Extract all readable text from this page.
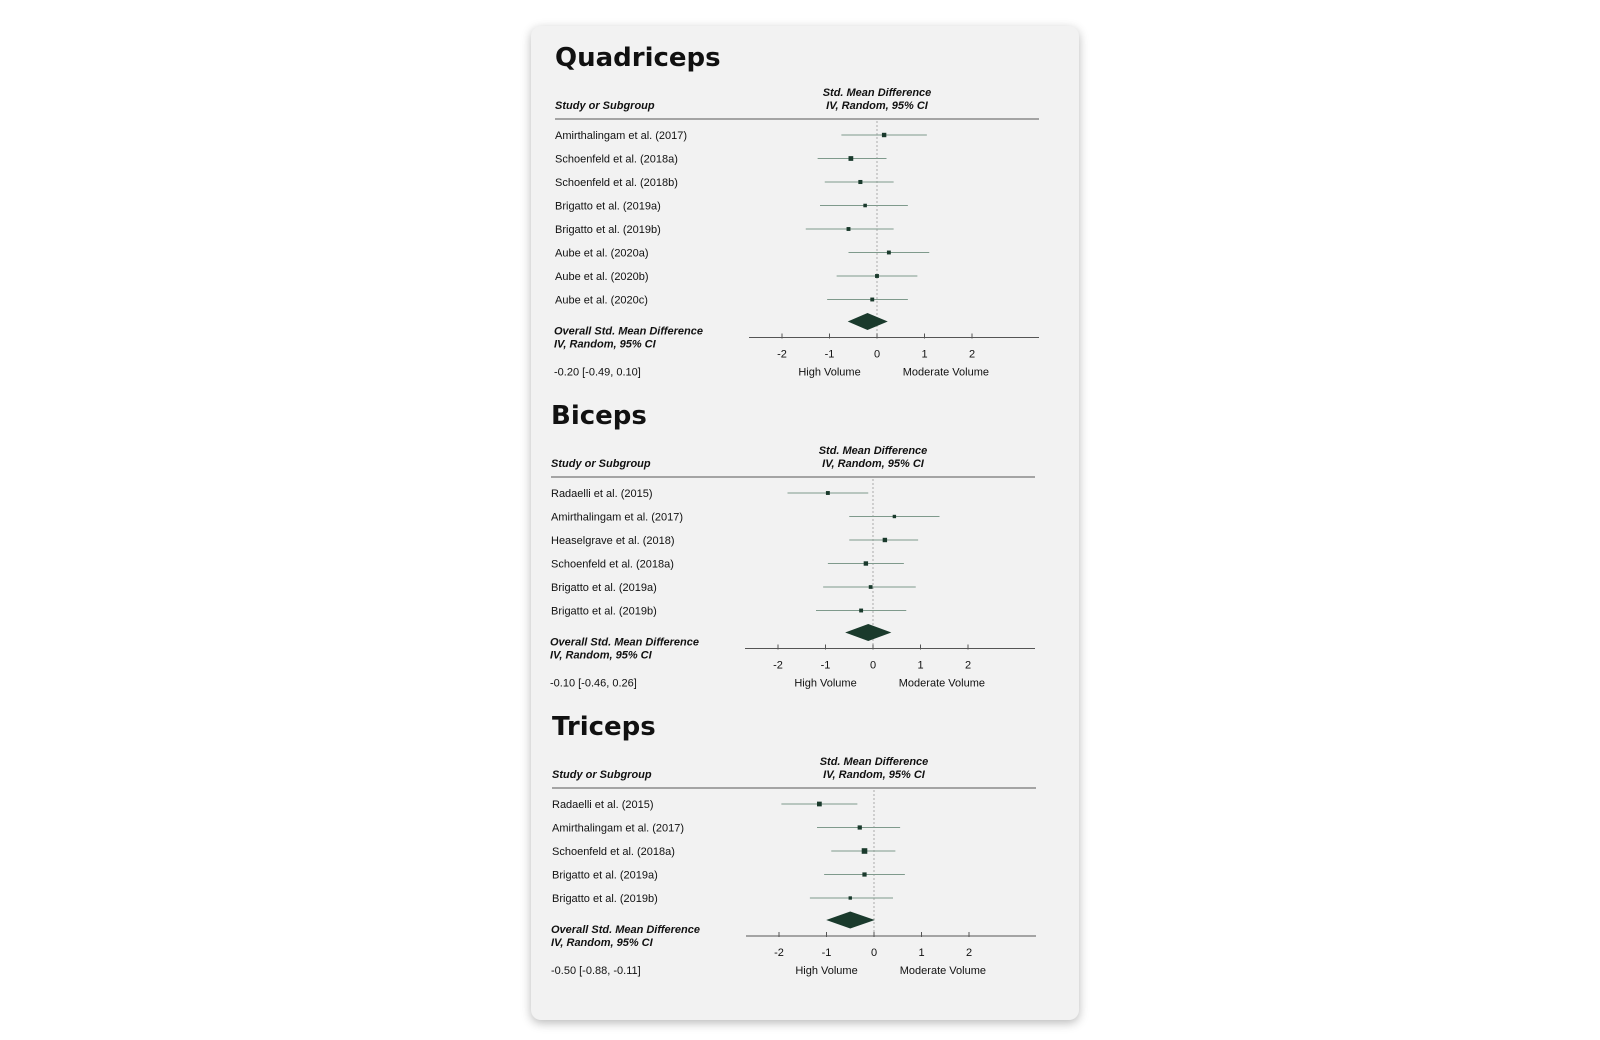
Quadriceps
Study or Subgroup
Std. Mean Difference
IV, Random, 95% CI
Amirthalingam et al. (2017)
Schoenfeld et al. (2018a)
Schoenfeld et al. (2018b)
Brigatto et al. (2019a)
Brigatto et al. (2019b)
Aube et al. (2020a)
Aube et al. (2020b)
Aube et al. (2020c)
Overall Std. Mean Difference
IV, Random, 95% CI
-0.20 [-0.49, 0.10]
-2	-1	0	1	2
High Volume	Moderate Volume
Biceps
Study or Subgroup
Std. Mean Difference
IV, Random, 95% CI
Radaelli et al. (2015)
Amirthalingam et al. (2017)
Heaselgrave et al. (2018)
Schoenfeld et al. (2018a)
Brigatto et al. (2019a)
Brigatto et al. (2019b)
Overall Std. Mean Difference
IV, Random, 95% CI
-0.10 [-0.46, 0.26]
-2	-1	0	1	2
High Volume	Moderate Volume
Triceps
Study or Subgroup
Std. Mean Difference
IV, Random, 95% CI
Radaelli et al. (2015)
Amirthalingam et al. (2017)
Schoenfeld et al. (2018a)
Brigatto et al. (2019a)
Brigatto et al. (2019b)
Overall Std. Mean Difference
IV, Random, 95% CI
-0.50 [-0.88, -0.11]
-2	-1	0	1	2
High Volume	Moderate Volume
